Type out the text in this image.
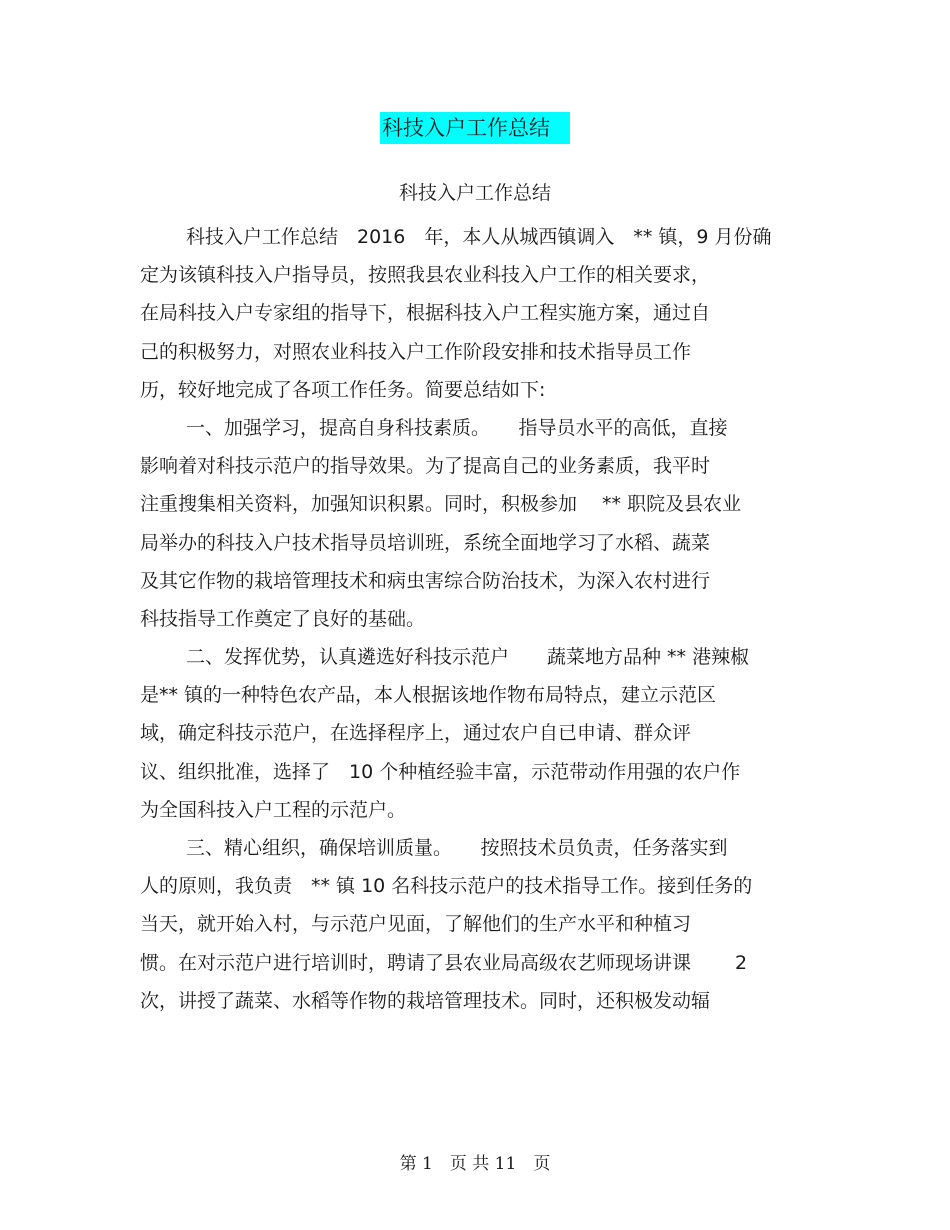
科技入户工作总结
科技入户工作总结
科技入户工作总结　2016　年，本人从城西镇调入　** 镇，9 月份确
定为该镇科技入户指导员，按照我县农业科技入户工作的相关要求，
在局科技入户专家组的指导下，根据科技入户工程实施方案，通过自
己的积极努力，对照农业科技入户工作阶段安排和技术指导员工作
历，较好地完成了各项工作任务。简要总结如下:
一、加强学习，提高自身科技素质。　　指导员水平的高低，直接
影响着对科技示范户的指导效果。为了提高自己的业务素质，我平时
注重搜集相关资料，加强知识积累。同时，积极参加　 ** 职院及县农业
局举办的科技入户技术指导员培训班，系统全面地学习了水稻、蔬菜
及其它作物的栽培管理技术和病虫害综合防治技术，为深入农村进行
科技指导工作奠定了良好的基础。
二、发挥优势，认真遴选好科技示范户　　蔬菜地方品种 ** 港辣椒
是** 镇的一种特色农产品，本人根据该地作物布局特点，建立示范区
域，确定科技示范户，在选择程序上，通过农户自已申请、群众评
议、组织批准，选择了　10 个种植经验丰富，示范带动作用强的农户作
为全国科技入户工程的示范户。
三、精心组织，确保培训质量。　　按照技术员负责，任务落实到
人的原则，我负责　** 镇 10 名科技示范户的技术指导工作。接到任务的
当天，就开始入村，与示范户见面，了解他们的生产水平和种植习
惯。在对示范户进行培训时，聘请了县农业局高级农艺师现场讲课　　 2
次，讲授了蔬菜、水稻等作物的栽培管理技术。同时，还积极发动辐
第 1　页 共 11　页
